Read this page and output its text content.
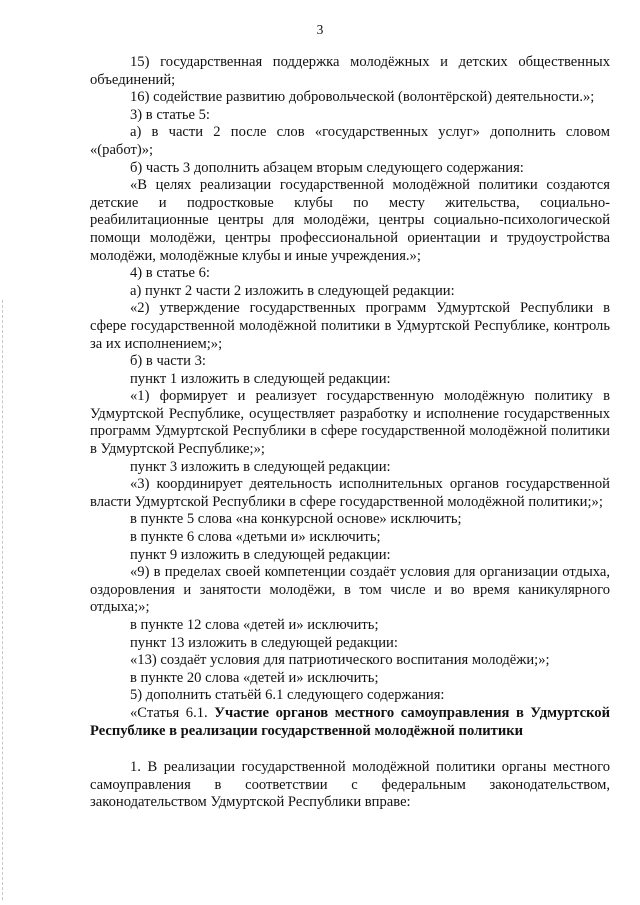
3

15) государственная поддержка молодёжных и детских общественных объединений;

16) содействие развитию добровольческой (волонтёрской) деятельности.»;

3) в статье 5:

а) в части 2 после слов «государственных услуг» дополнить словом «(работ)»;

б) часть 3 дополнить абзацем вторым следующего содержания:

«В целях реализации государственной молодёжной политики создаются детские и подростковые клубы по месту жительства, социально-реабилитационные центры для молодёжи, центры социально-психологической помощи молодёжи, центры профессиональной ориентации и трудоустройства молодёжи, молодёжные клубы и иные учреждения.»;

4) в статье 6:

а) пункт 2 части 2 изложить в следующей редакции:

«2) утверждение государственных программ Удмуртской Республики в сфере государственной молодёжной политики в Удмуртской Республике, контроль за их исполнением;»;

б) в части 3:

пункт 1 изложить в следующей редакции:

«1) формирует и реализует государственную молодёжную политику в Удмуртской Республике, осуществляет разработку и исполнение государственных программ Удмуртской Республики в сфере государственной молодёжной политики в Удмуртской Республике;»;

пункт 3 изложить в следующей редакции:

«3) координирует деятельность исполнительных органов государственной власти Удмуртской Республики в сфере государственной молодёжной политики;»;

в пункте 5 слова «на конкурсной основе» исключить;

в пункте 6 слова «детьми и» исключить;

пункт 9 изложить в следующей редакции:

«9) в пределах своей компетенции создаёт условия для организации отдыха, оздоровления и занятости молодёжи, в том числе и во время каникулярного отдыха;»;

в пункте 12 слова «детей и» исключить;

пункт 13 изложить в следующей редакции:

«13) создаёт условия для патриотического воспитания молодёжи;»;

в пункте 20 слова «детей и» исключить;

5) дополнить статьёй 6.1 следующего содержания:

«Статья 6.1. Участие органов местного самоуправления в Удмуртской Республике в реализации государственной молодёжной политики

1. В реализации государственной молодёжной политики органы местного самоуправления в соответствии с федеральным законодательством, законодательством Удмуртской Республики вправе:
